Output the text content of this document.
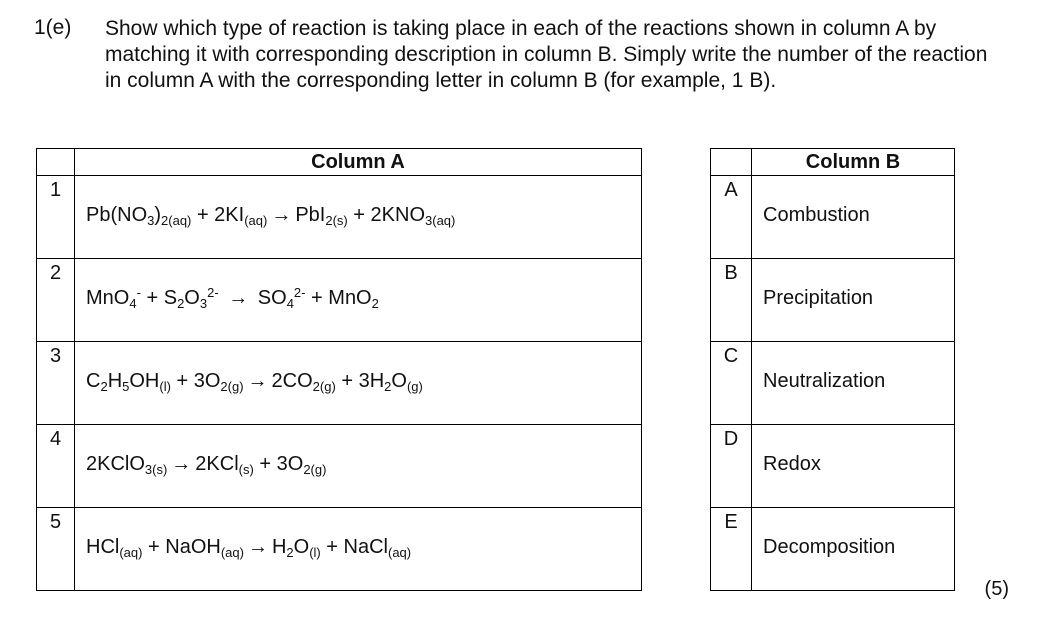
1(e) Show which type of reaction is taking place in each of the reactions shown in column A by matching it with corresponding description in column B. Simply write the number of the reaction in column A with the corresponding letter in column B (for example, 1 B).
	Column A
1	$Pb(NO_3)_{2(aq)} + 2KI_{(aq)} \to PbI_{2(s)} + 2KNO_{3(aq)}$

2	$MnO_4^- + S_2O_3^{2-} \to SO_4^{2-} + MnO_2$

3	$C_2H_5OH_{(l)} + 3O_{2(g)} \to 2CO_{2(g)} + 3H_2O_{(g)}$

4	2KClO$_{3(s)}$ → $2KCl_{(s)} + 3O_{2(g)}$

5	HCl$_{(aq)}$ + NaOH$_{(aq)}$ → $H_2O_{(l)}$ + NaCl$_{(aq)}$
	Column B
A	Combustion

B	Precipitation

C	Neutralization

D	Redox

E	Decomposition
(5)
